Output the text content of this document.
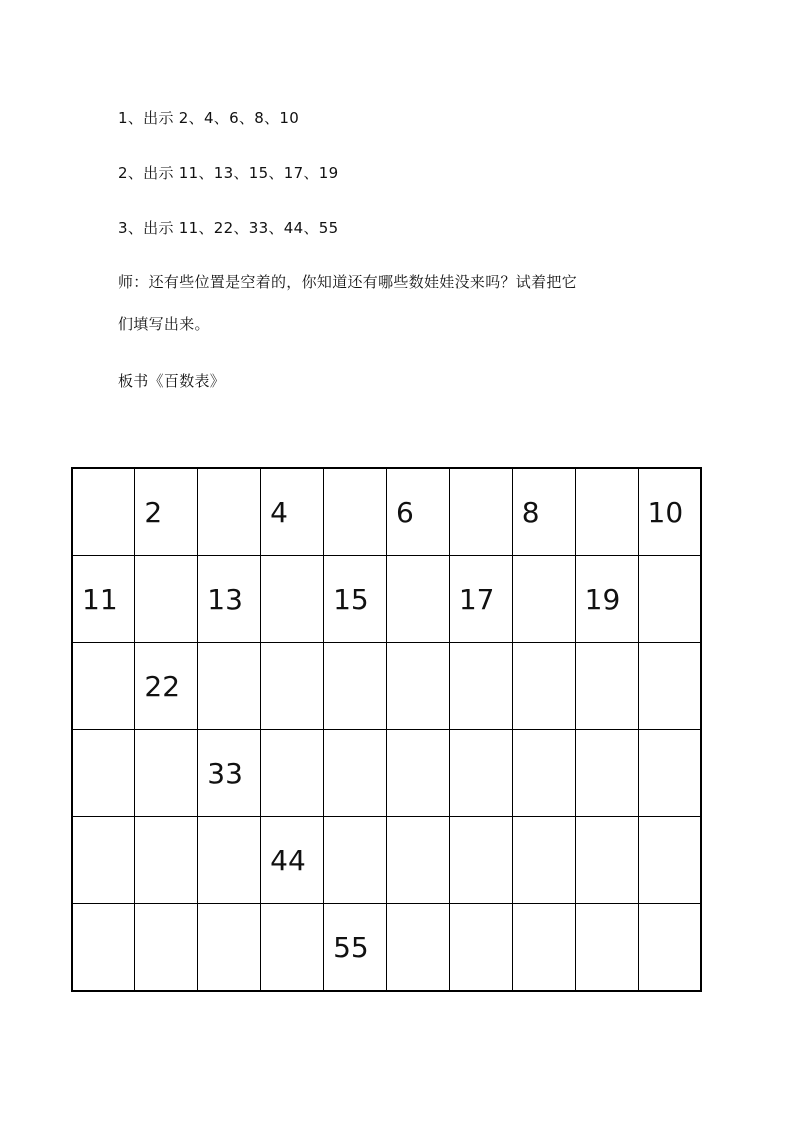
1、出示 2、4、6、8、10
2、出示 11、13、15、17、19
3、出示 11、22、33、44、55
师：还有些位置是空着的，你知道还有哪些数娃娃没来吗？试着把它
们填写出来。
板书《百数表》
	2		4		6		8		10
11		13		15		17		19	
	22								
		33							
			44						
				55					
